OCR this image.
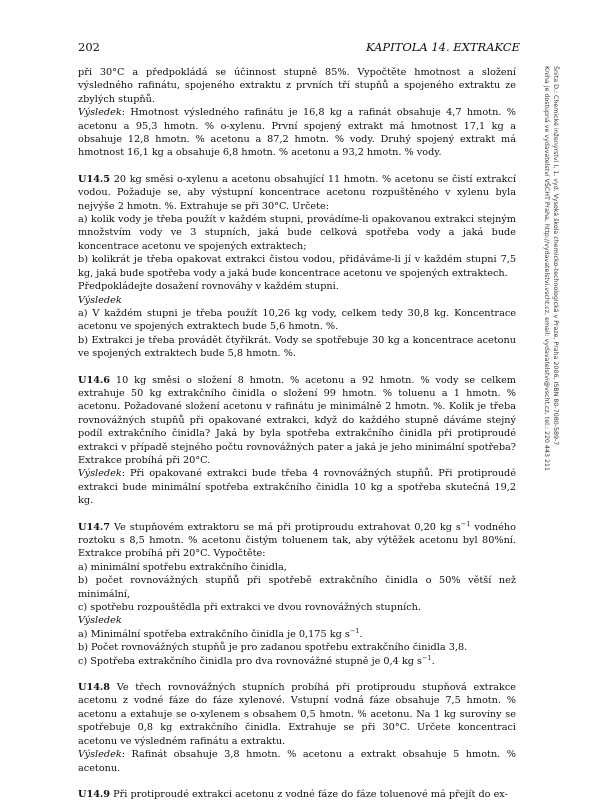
202	KAPITOLA 14. EXTRAKCE
Šnita D.: Chemické inženýrství I, 1. vyd. Vysoká škola chemicko-technologická v Praze, Praha 2006, ISBN 80-7080-589-7
Kniha je dostupná ve vydavatelství VŠCHT Praha, http://vydavatelstvi.vscht.cz, email: vydavatelstvi@vscht.cz, tel.: 220 443 211

při 30°C a předpokládá se účinnost stupně 85%. Vypočtěte hmotnost a složení výsledného rafinátu, spojeného extraktu z prvních tří stupňů a spojeného extraktu ze zbylých stupňů.

Výsledek: Hmotnost výsledného rafinátu je 16,8 kg a rafinát obsahuje 4,7 hmotn. % acetonu a 95,3 hmotn. % o-xylenu. První spojený extrakt má hmotnost 17,1 kg a obsahuje 12,8 hmotn. % acetonu a 87,2 hmotn. % vody. Druhý spojený extrakt má hmotnost 16,1 kg a obsahuje 6,8 hmotn. % acetonu a 93,2 hmotn. % vody.

U14.5 20 kg směsi o-xylenu a acetonu obsahující 11 hmotn. % acetonu se čistí extrakcí vodou. Požaduje se, aby výstupní koncentrace acetonu rozpuštěného v xylenu byla nejvýše 2 hmotn. %. Extrahuje se při 30°C. Určete:

a) kolik vody je třeba použít v každém stupni, provádíme-li opakovanou extrakci stejným množstvím vody ve 3 stupních, jaká bude celková spotřeba vody a jaká bude koncentrace acetonu ve spojených extraktech;

b) kolikrát je třeba opakovat extrakci čistou vodou, přidáváme-li jí v každém stupni 7,5 kg, jaká bude spotřeba vody a jaká bude koncentrace acetonu ve spojených extraktech.

Předpokládejte dosažení rovnováhy v každém stupni.

Výsledek

a) V každém stupni je třeba použít 10,26 kg vody, celkem tedy 30,8 kg. Koncentrace acetonu ve spojených extraktech bude 5,6 hmotn. %.

b) Extrakci je třeba provádět čtyřikrát. Vody se spotřebuje 30 kg a koncentrace acetonu ve spojených extraktech bude 5,8 hmotn. %.

U14.6 10 kg směsi o složení 8 hmotn. % acetonu a 92 hmotn. % vody se celkem extrahuje 50 kg extrakčního činidla o složení 99 hmotn. % toluenu a 1 hmotn. % acetonu. Požadované složení acetonu v rafinátu je minimálně 2 hmotn. %. Kolik je třeba rovnovážných stupňů při opakované extrakci, když do každého stupně dáváme stejný podíl extrakčního činidla? Jaká by byla spotřeba extrakčního činidla při protiproudé extrakci v případě stejného počtu rovnovážných pater a jaká je jeho minimální spotřeba? Extrakce probíhá při 20°C.

Výsledek: Při opakované extrakci bude třeba 4 rovnovážných stupňů. Při protiproudé extrakci bude minimální spotřeba extrakčního činidla 10 kg a spotřeba skutečná 19,2 kg.

U14.7 Ve stupňovém extraktoru se má při protiproudu extrahovat 0,20 kg $s^{-1}$ vodného roztoku s 8,5 hmotn. % acetonu čistým toluenem tak, aby výtěžek acetonu byl 80%ní. Extrakce probíhá při 20°C. Vypočtěte:

a) minimální spotřebu extrakčního činidla,

b) počet rovnovážných stupňů při spotřebě extrakčního činidla o 50% větší než minimální,

c) spotřebu rozpouštědla při extrakci ve dvou rovnovážných stupních.

Výsledek

a) Minimální spotřeba extrakčního činidla je 0,175 kg $s^{-1}$.

b) Počet rovnovážných stupňů je pro zadanou spotřebu extrakčního činidla 3,8.

c) Spotřeba extrakčního činidla pro dva rovnovážné stupně je 0,4 kg $s^{-1}$.

U14.8 Ve třech rovnovážných stupních probíhá při protiproudu stupňová extrakce acetonu z vodné fáze do fáze xylenové. Vstupní vodná fáze obsahuje 7,5 hmotn. % acetonu a extahuje se o-xylenem s obsahem 0,5 hmotn. % acetonu. Na 1 kg suroviny se spotřebuje 0,8 kg extrakčního činidla. Extrahuje se při 30°C. Určete koncentraci acetonu ve výsledném rafinátu a extraktu.

Výsledek: Rafinát obsahuje 3,8 hmotn. % acetonu a extrakt obsahuje 5 hmotn. % acetonu.

U14.9 Při protiproudé extrakci acetonu z vodné fáze do fáze toluenové má přejít do ex-
